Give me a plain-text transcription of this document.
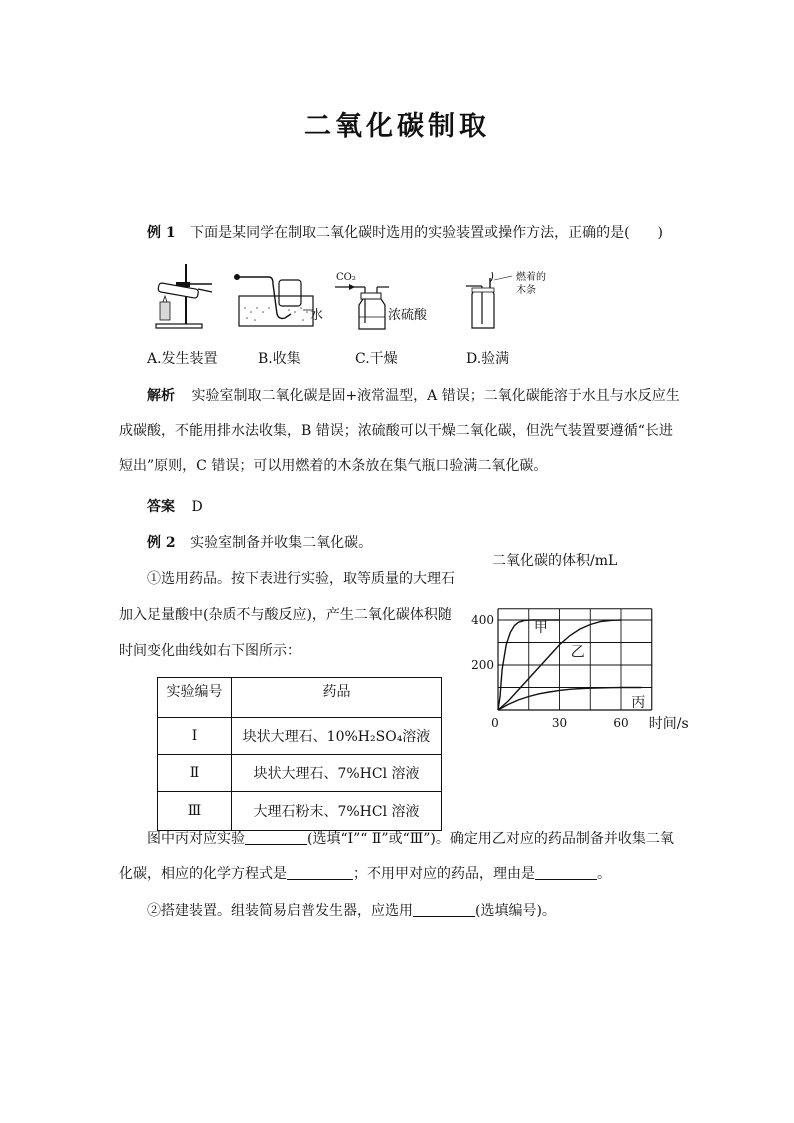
二氧化碳制取
例 1 下面是某同学在制取二氧化碳时选用的实验装置或操作方法，正确的是(　　)
水
CO₂
浓硫酸
燃着的
木条
A.发生装置	B.收集	C.干燥	D.验满
解析 实验室制取二氧化碳是固+液常温型，A 错误；二氧化碳能溶于水且与水反应生
成碳酸，不能用排水法收集，B 错误；浓硫酸可以干燥二氧化碳，但洗气装置要遵循“长进
短出”原则，C 错误；可以用燃着的木条放在集气瓶口验满二氧化碳。
答案 D
例 2 实验室制备并收集二氧化碳。
①选用药品。按下表进行实验，取等质量的大理石
加入足量酸中(杂质不与酸反应)，产生二氧化碳体积随
时间变化曲线如右下图所示：
实验编号	药品
Ⅰ	块状大理石、10%H₂SO₄溶液
Ⅱ	块状大理石、7%HCl 溶液
Ⅲ	大理石粉末、7%HCl 溶液
二氧化碳的体积/mL
0	30	60
200
400	甲
乙
丙
时间/s
图中丙对应实验	(选填“Ⅰ”“ Ⅱ”或“Ⅲ”)。确定用乙对应的药品制备并收集二氧
化碳，相应的化学方程式是	；不用甲对应的药品，理由是	。
②搭建装置。组装简易启普发生器，应选用	(选填编号)。
